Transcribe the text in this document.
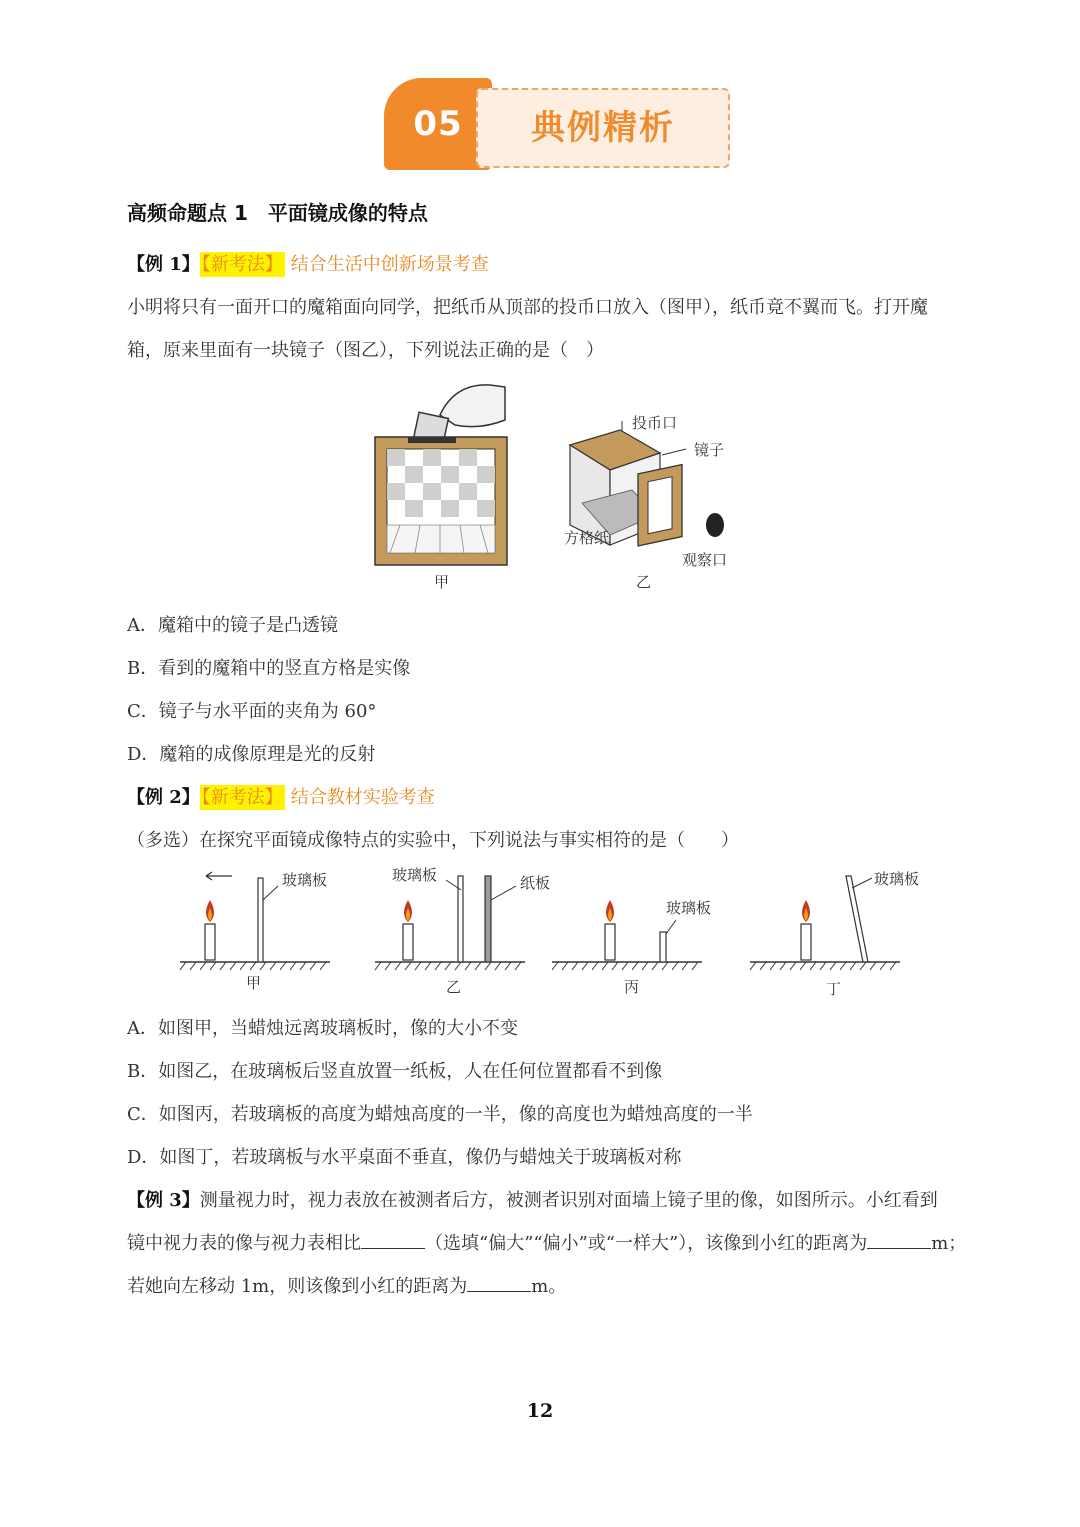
05	典例精析
高频命题点 1　平面镜成像的特点
【例 1】 【新考法】 结合生活中创新场景考查
小明将只有一面开口的魔箱面向同学，把纸币从顶部的投币口放入（图甲），纸币竟不翼而飞。打开魔
箱，原来里面有一块镜子（图乙），下列说法正确的是（　）
甲
投币口
镜子
方格纸
观察口
乙
A．魔箱中的镜子是凸透镜
B．看到的魔箱中的竖直方格是实像
C．镜子与水平面的夹角为 60°
D．魔箱的成像原理是光的反射
【例 2】 【新考法】 结合教材实验考查
（多选）在探究平面镜成像特点的实验中，下列说法与事实相符的是（　　）
玻璃板
甲
玻璃板	纸板
乙
玻璃板
丙
玻璃板
丁
A．如图甲，当蜡烛远离玻璃板时，像的大小不变
B．如图乙，在玻璃板后竖直放置一纸板，人在任何位置都看不到像
C．如图丙，若玻璃板的高度为蜡烛高度的一半，像的高度也为蜡烛高度的一半
D．如图丁，若玻璃板与水平桌面不垂直，像仍与蜡烛关于玻璃板对称
【例 3】测量视力时，视力表放在被测者后方，被测者识别对面墙上镜子里的像，如图所示。小红看到
镜中视力表的像与视力表相比	（选填“偏大”“偏小”或“一样大”），该像到小红的距离为	m；
若她向左移动 1m，则该像到小红的距离为	m。
12
